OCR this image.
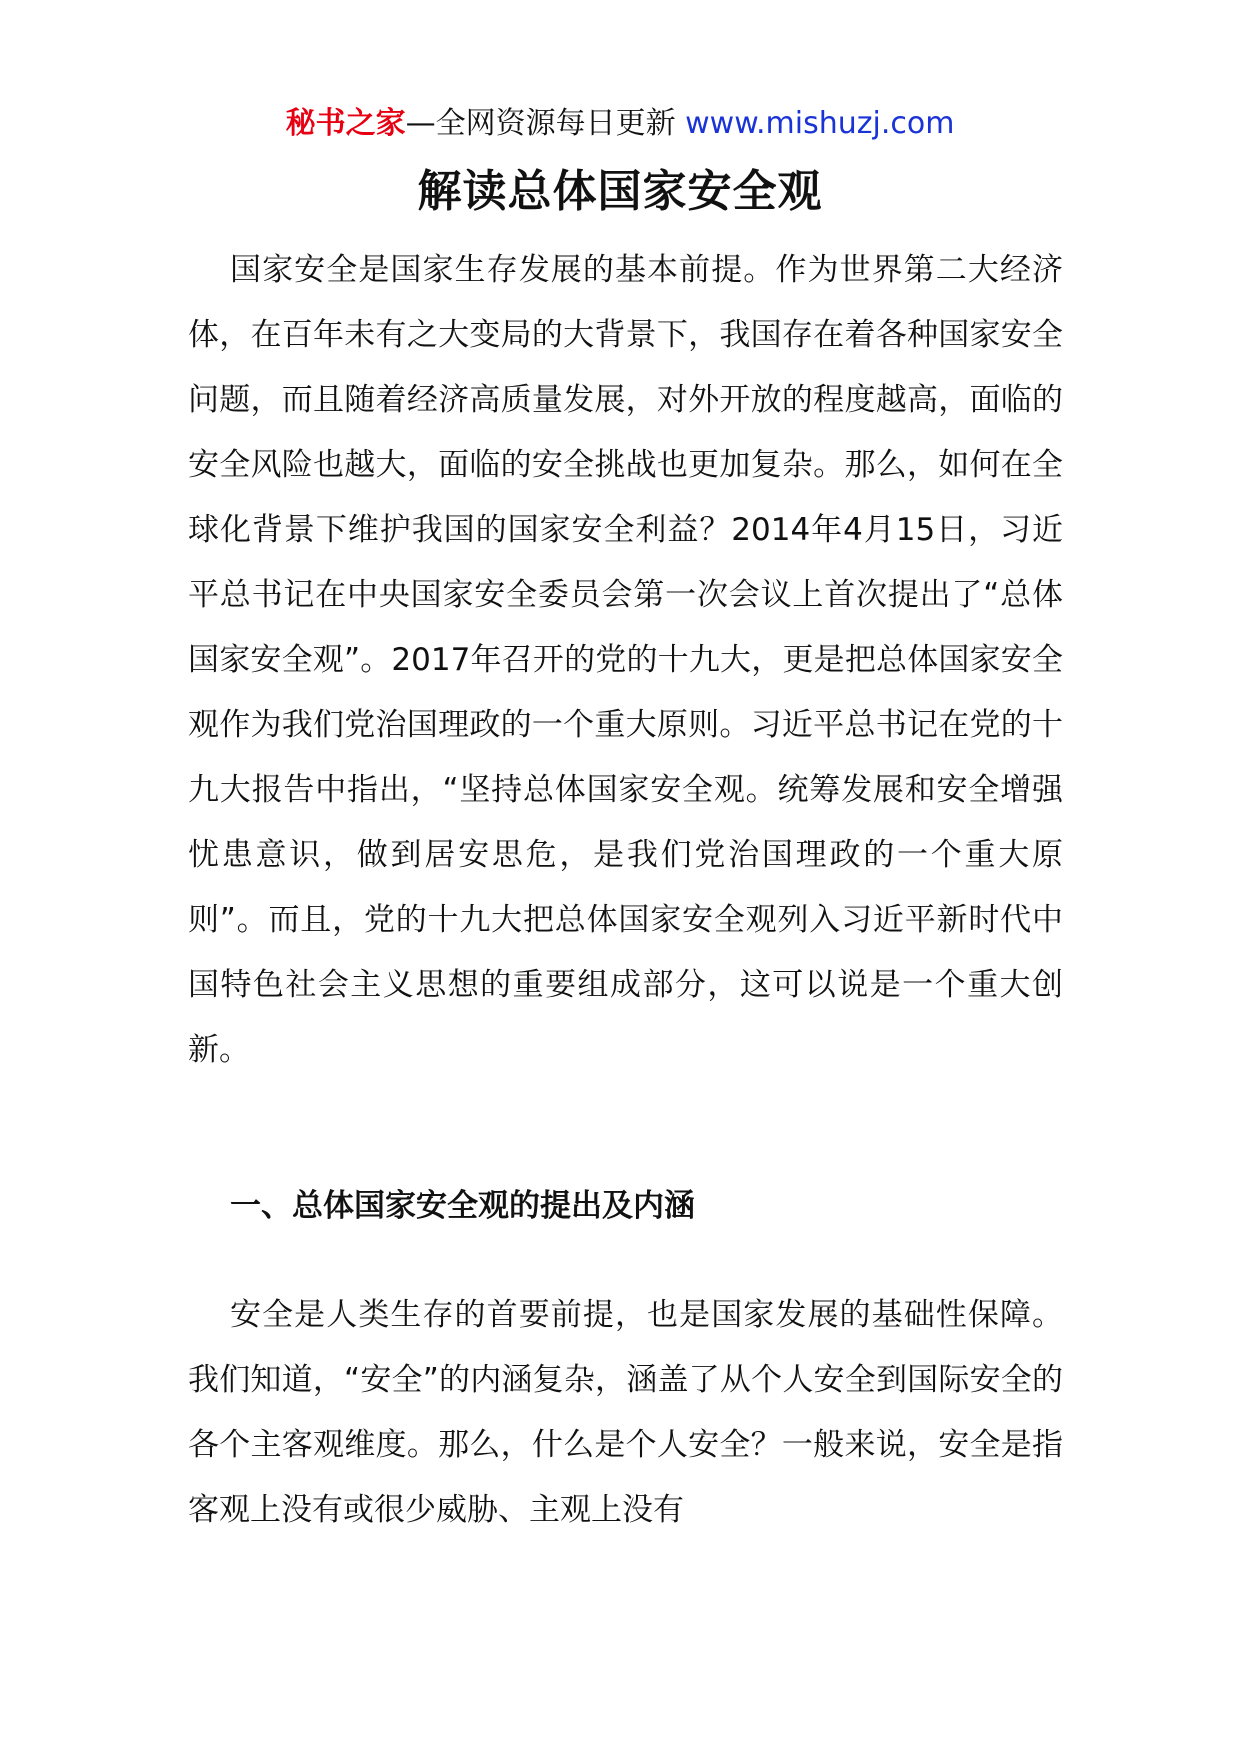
秘书之家—全网资源每日更新 www.mishuzj.com
解读总体国家安全观

国家安全是国家生存发展的基本前提。作为世界第二大经济体，在百年未有之大变局的大背景下，我国存在着各种国家安全问题，而且随着经济高质量发展，对外开放的程度越高，面临的安全风险也越大，面临的安全挑战也更加复杂。那么，如何在全球化背景下维护我国的国家安全利益？2014年4月15日，习近平总书记在中央国家安全委员会第一次会议上首次提出了“总体国家安全观”。2017年召开的党的十九大，更是把总体国家安全观作为我们党治国理政的一个重大原则。习近平总书记在党的十九大报告中指出，“坚持总体国家安全观。统筹发展和安全增强忧患意识，做到居安思危，是我们党治国理政的一个重大原则”。而且，党的十九大把总体国家安全观列入习近平新时代中国特色社会主义思想的重要组成部分，这可以说是一个重大创新。

一、总体国家安全观的提出及内涵

安全是人类生存的首要前提，也是国家发展的基础性保障。我们知道，“安全”的内涵复杂，涵盖了从个人安全到国际安全的各个主客观维度。那么，什么是个人安全？一般来说，安全是指客观上没有或很少威胁、主观上没有
